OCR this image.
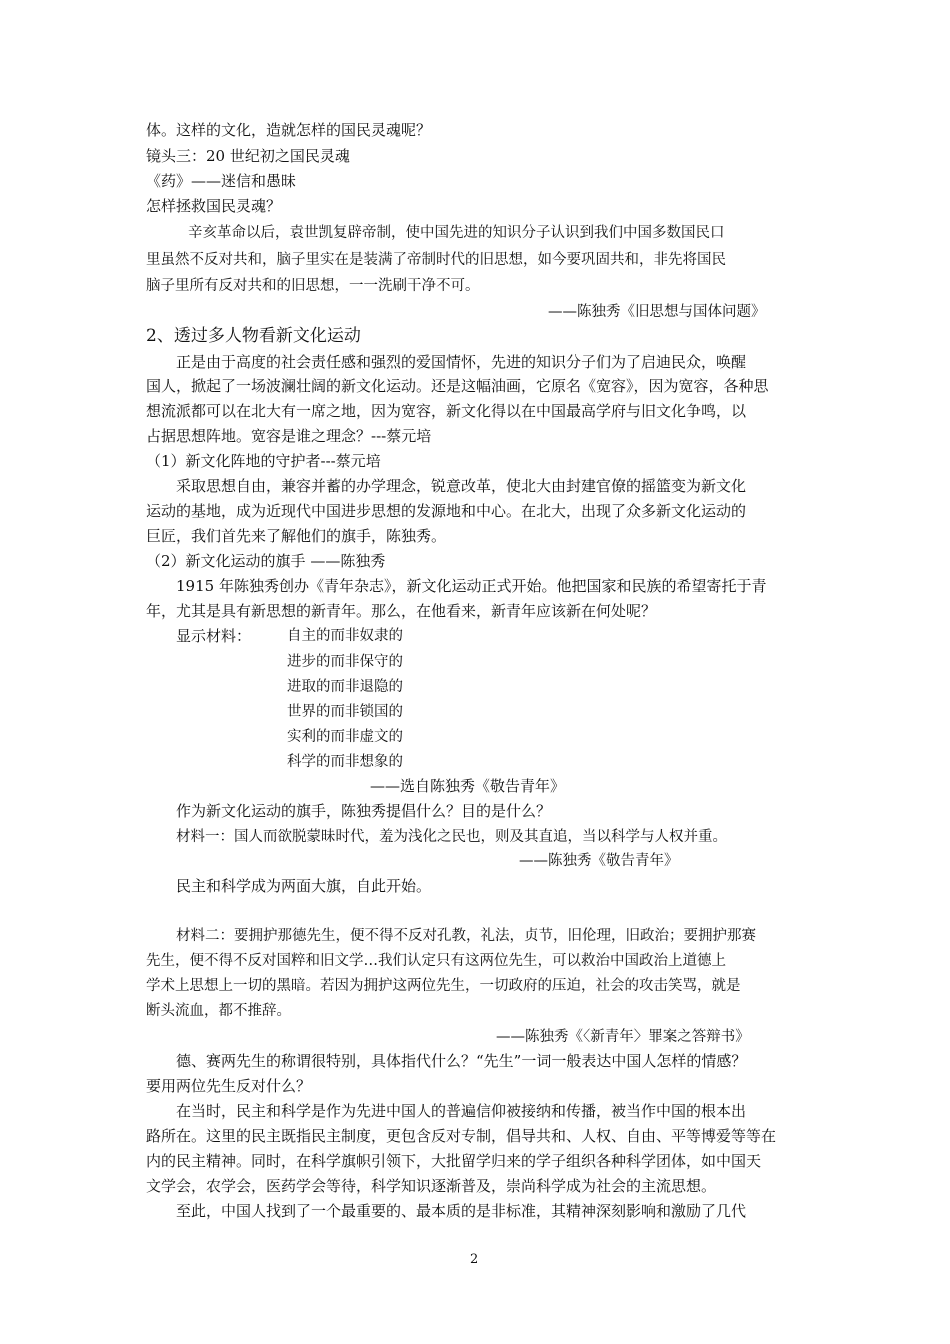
体。这样的文化，造就怎样的国民灵魂呢？
镜头三：20 世纪初之国民灵魂
《药》——迷信和愚昧
怎样拯救国民灵魂？
辛亥革命以后，袁世凯复辟帝制，使中国先进的知识分子认识到我们中国多数国民口
里虽然不反对共和，脑子里实在是装满了帝制时代的旧思想，如今要巩固共和，非先将国民
脑子里所有反对共和的旧思想，一一洗刷干净不可。
——陈独秀《旧思想与国体问题》
2、透过多人物看新文化运动
正是由于高度的社会责任感和强烈的爱国情怀，先进的知识分子们为了启迪民众，唤醒
国人，掀起了一场波澜壮阔的新文化运动。还是这幅油画，它原名《宽容》，因为宽容，各种思
想流派都可以在北大有一席之地，因为宽容，新文化得以在中国最高学府与旧文化争鸣，以
占据思想阵地。宽容是谁之理念？---蔡元培
（1）新文化阵地的守护者---蔡元培
采取思想自由，兼容并蓄的办学理念，锐意改革，使北大由封建官僚的摇篮变为新文化
运动的基地，成为近现代中国进步思想的发源地和中心。在北大，出现了众多新文化运动的
巨匠，我们首先来了解他们的旗手，陈独秀。
（2）新文化运动的旗手 ——陈独秀
1915 年陈独秀创办《青年杂志》，新文化运动正式开始。他把国家和民族的希望寄托于青
年，尤其是具有新思想的新青年。那么，在他看来，新青年应该新在何处呢？
显示材料： 自主的而非奴隶的
进步的而非保守的
进取的而非退隐的
世界的而非锁国的
实利的而非虚文的
科学的而非想象的
——选自陈独秀《敬告青年》
作为新文化运动的旗手，陈独秀提倡什么？目的是什么？
材料一：国人而欲脱蒙昧时代，羞为浅化之民也，则及其直追，当以科学与人权并重。
——陈独秀《敬告青年》
民主和科学成为两面大旗，自此开始。
材料二：要拥护那德先生，便不得不反对孔教，礼法，贞节，旧伦理，旧政治；要拥护那赛
先生，便不得不反对国粹和旧文学…我们认定只有这两位先生，可以救治中国政治上道德上
学术上思想上一切的黑暗。若因为拥护这两位先生，一切政府的压迫，社会的攻击笑骂，就是
断头流血，都不推辞。
——陈独秀《〈新青年〉罪案之答辩书》
德、赛两先生的称谓很特别，具体指代什么？“先生”一词一般表达中国人怎样的情感？
要用两位先生反对什么？
在当时，民主和科学是作为先进中国人的普遍信仰被接纳和传播，被当作中国的根本出
路所在。这里的民主既指民主制度，更包含反对专制，倡导共和、人权、自由、平等博爱等等在
内的民主精神。同时，在科学旗帜引领下，大批留学归来的学子组织各种科学团体，如中国天
文学会，农学会，医药学会等待，科学知识逐渐普及，崇尚科学成为社会的主流思想。
至此，中国人找到了一个最重要的、最本质的是非标准，其精神深刻影响和激励了几代
2
